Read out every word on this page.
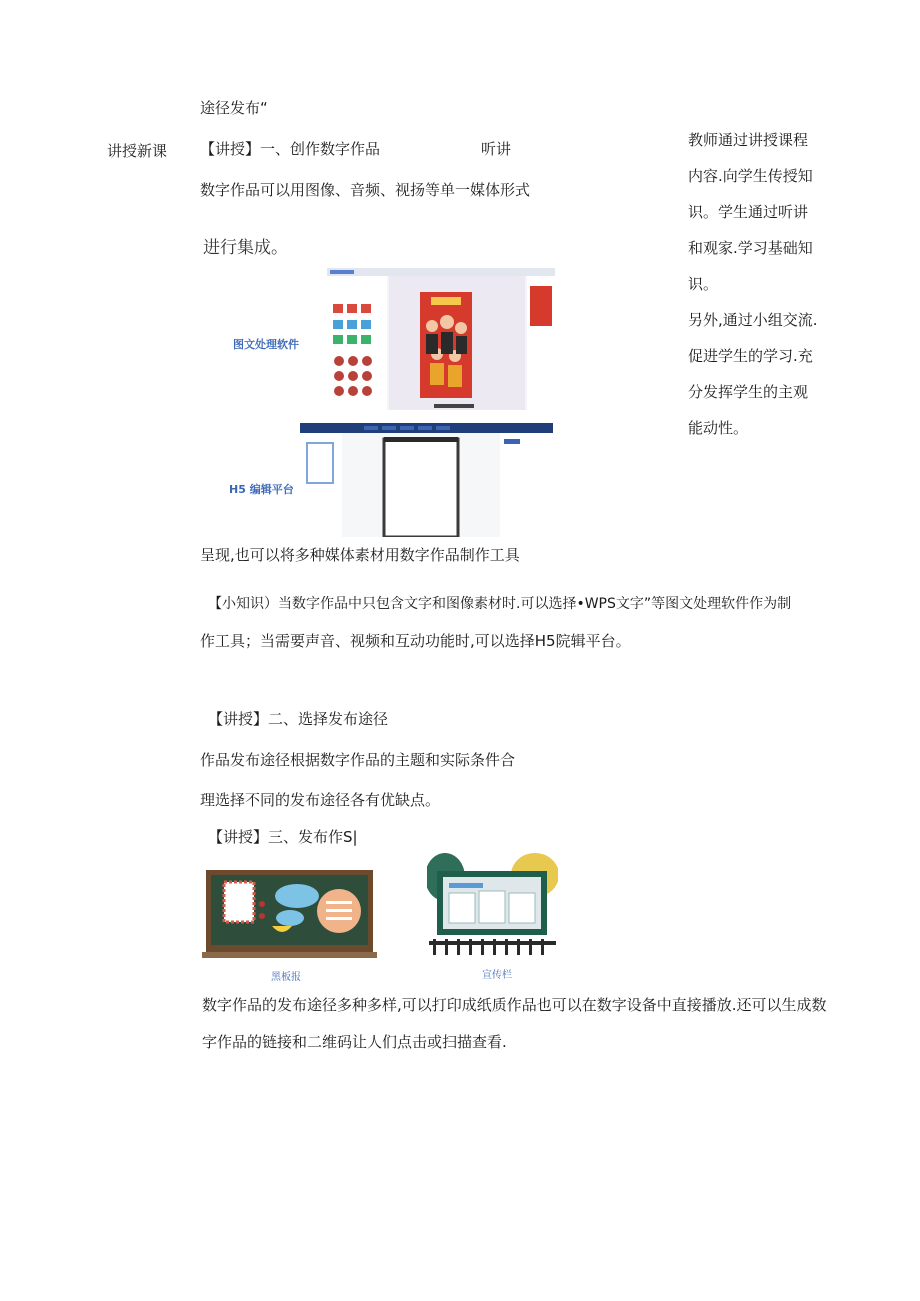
途径发布“
讲授新课 【讲授】一、创作数字作品	听讲
数字作品可以用图像、音频、视扬等单一媒体形式
进行集成。
图文处理软件
H5 编辑平台
呈现,也可以将多种媒体素材用数字作品制作工具
【小知识）当数字作品中只包含文字和图像素材时.可以选择•WPS文字”等图文处理软件作为制
作工具；当需要声音、视频和互动功能时,可以选择H5院辑平台。
【讲授】二、选择发布途径
作品发布途径根据数字作品的主题和实际条件合
理选择不同的发布途径各有优缺点。
【讲授】三、发布作S|
黑板报	宣传栏
数字作品的发布途径多种多样,可以打印成纸质作品也可以在数字设备中直接播放.还可以生成数
字作品的链接和二维码让人们点击或扫描查看.
教师通过讲授课程
内容.向学生传授知
识。学生通过听讲
和观家.学习基础知
识。
另外,通过小组交流.
促进学生的学习.充
分发挥学生的主观
能动性。
